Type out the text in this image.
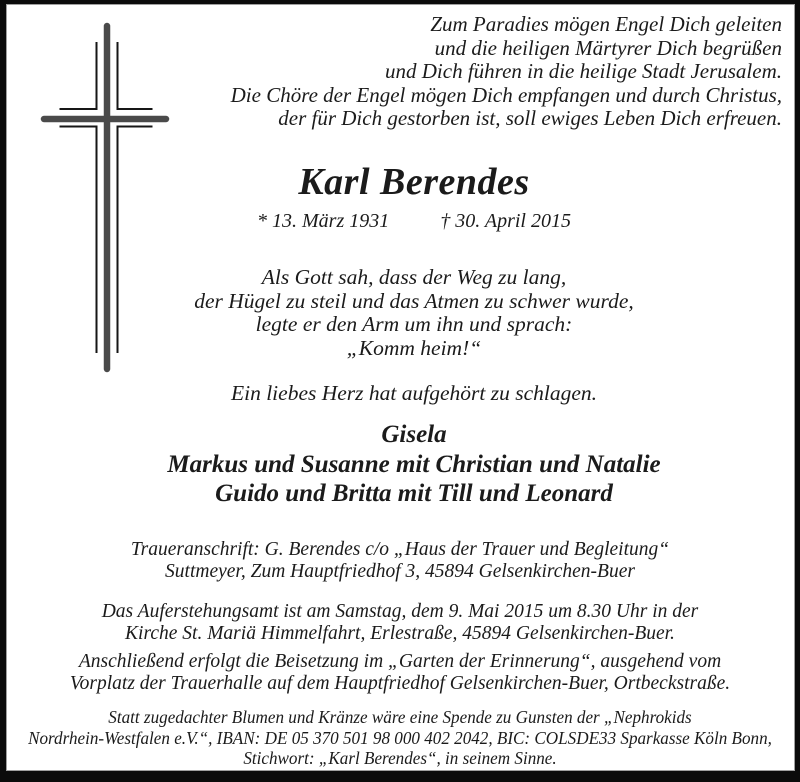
Zum Paradies mögen Engel Dich geleiten
und die heiligen Märtyrer Dich begrüßen
und Dich führen in die heilige Stadt Jerusalem.
Die Chöre der Engel mögen Dich empfangen und durch Christus,
der für Dich gestorben ist, soll ewiges Leben Dich erfreuen.
Karl Berendes
* 13. März 1931	† 30. April 2015
Als Gott sah, dass der Weg zu lang,
der Hügel zu steil und das Atmen zu schwer wurde,
legte er den Arm um ihn und sprach:
„Komm heim!“
Ein liebes Herz hat aufgehört zu schlagen.
Gisela
Markus und Susanne mit Christian und Natalie
Guido und Britta mit Till und Leonard
Traueranschrift: G. Berendes c/o „Haus der Trauer und Begleitung“
Suttmeyer, Zum Hauptfriedhof 3, 45894 Gelsenkirchen-Buer
Das Auferstehungsamt ist am Samstag, dem 9. Mai 2015 um 8.30 Uhr in der
Kirche St. Mariä Himmelfahrt, Erlestraße, 45894 Gelsenkirchen-Buer.
Anschließend erfolgt die Beisetzung im „Garten der Erinnerung“, ausgehend vom
Vorplatz der Trauerhalle auf dem Hauptfriedhof Gelsenkirchen-Buer, Ortbeckstraße.
Statt zugedachter Blumen und Kränze wäre eine Spende zu Gunsten der „Nephrokids
Nordrhein-Westfalen e.V.“, IBAN: DE 05 370 501 98 000 402 2042, BIC: COLSDE33 Sparkasse Köln Bonn,
Stichwort: „Karl Berendes“, in seinem Sinne.
